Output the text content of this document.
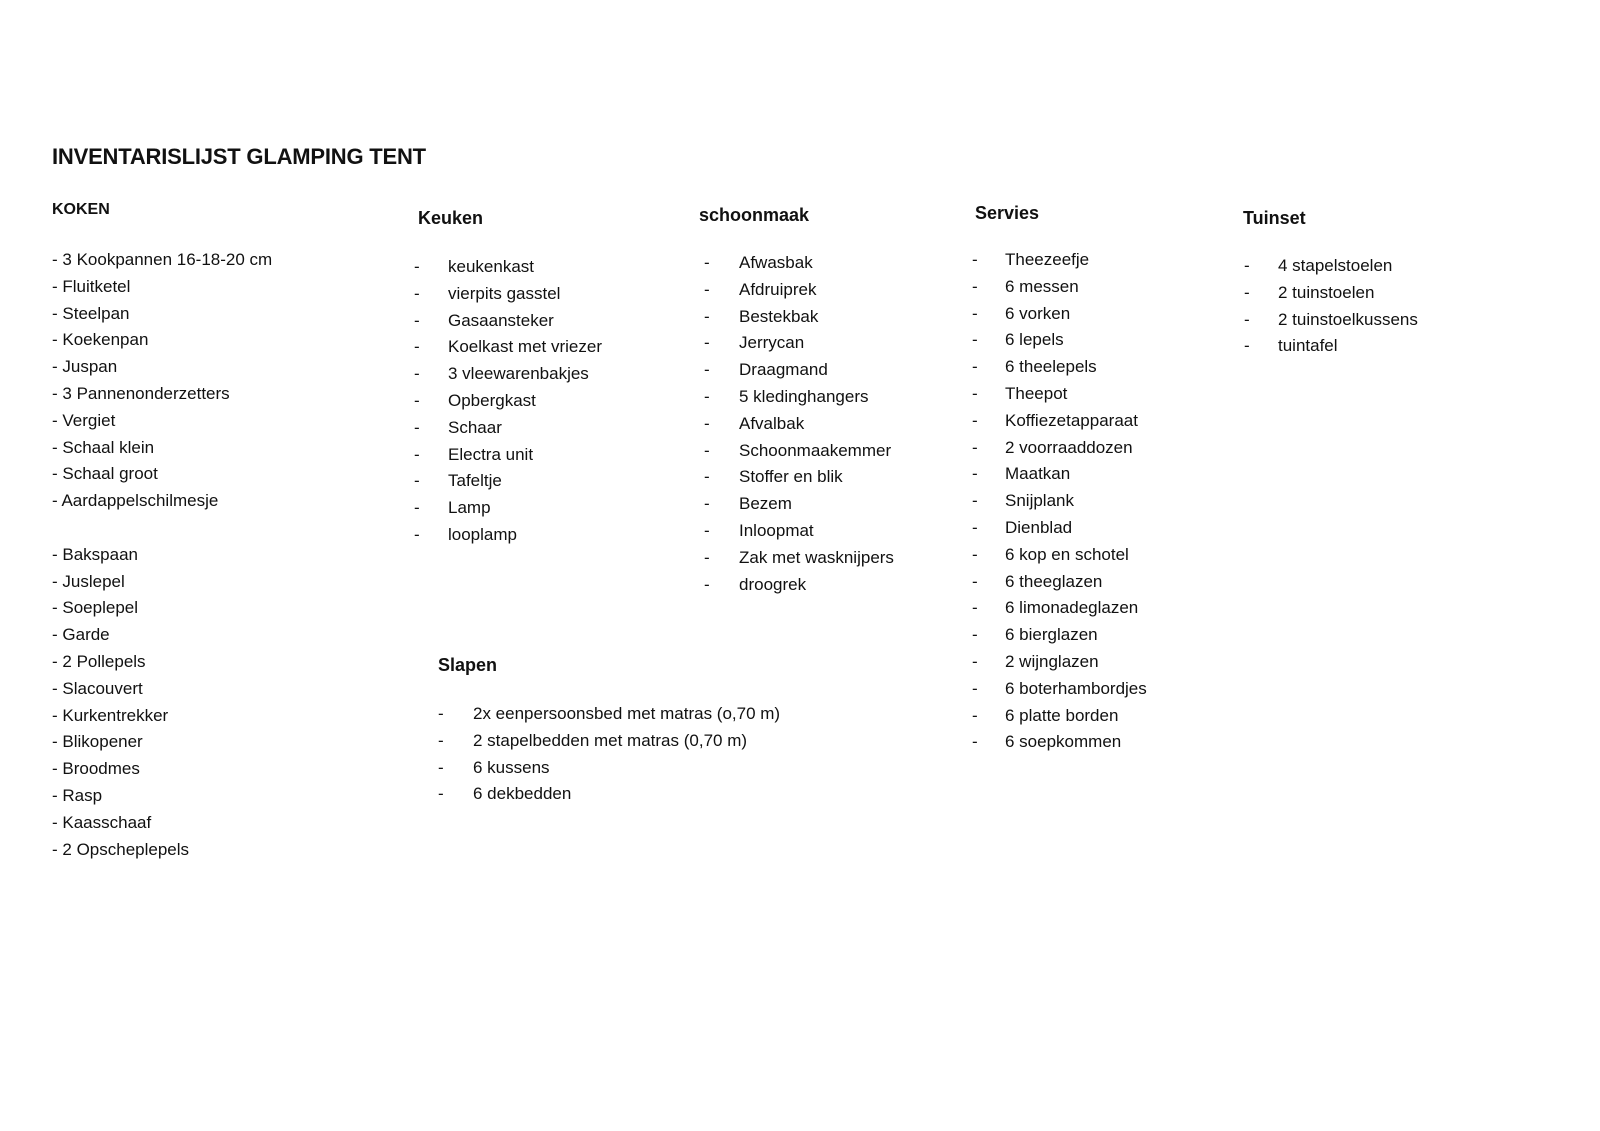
INVENTARISLIJST GLAMPING TENT
KOKEN
- 3 Kookpannen 16-18-20 cm
- Fluitketel
- Steelpan
- Koekenpan
- Juspan
- 3 Pannenonderzetters
- Vergiet
- Schaal klein
- Schaal groot
- Aardappelschilmesje
- Bakspaan
- Juslepel
- Soeplepel
- Garde
- 2 Pollepels
- Slacouvert
- Kurkentrekker
- Blikopener
- Broodmes
- Rasp
- Kaasschaaf
- 2 Opscheplepels
Keuken
- keukenkast
- vierpits gasstel
- Gasaansteker
- Koelkast met vriezer
- 3 vleewarenbakjes
- Opbergkast
- Schaar
- Electra unit
- Tafeltje
- Lamp
- looplamp
schoonmaak
- Afwasbak
- Afdruiprek
- Bestekbak
- Jerrycan
- Draagmand
- 5 kledinghangers
- Afvalbak
- Schoonmaakemmer
- Stoffer en blik
- Bezem
- Inloopmat
- Zak met wasknijpers
- droogrek
Servies
- Theezeefje
- 6 messen
- 6 vorken
- 6 lepels
- 6 theelepels
- Theepot
- Koffiezetapparaat
- 2 voorraaddozen
- Maatkan
- Snijplank
- Dienblad
- 6 kop en schotel
- 6 theeglazen
- 6 limonadeglazen
- 6 bierglazen
- 2 wijnglazen
- 6 boterhambordjes
- 6 platte borden
- 6 soepkommen
Tuinset
- 4 stapelstoelen
- 2 tuinstoelen
- 2 tuinstoelkussens
- tuintafel
Slapen
- 2x eenpersoonsbed met matras (o,70 m)
- 2 stapelbedden met matras (0,70 m)
- 6 kussens
- 6 dekbedden
